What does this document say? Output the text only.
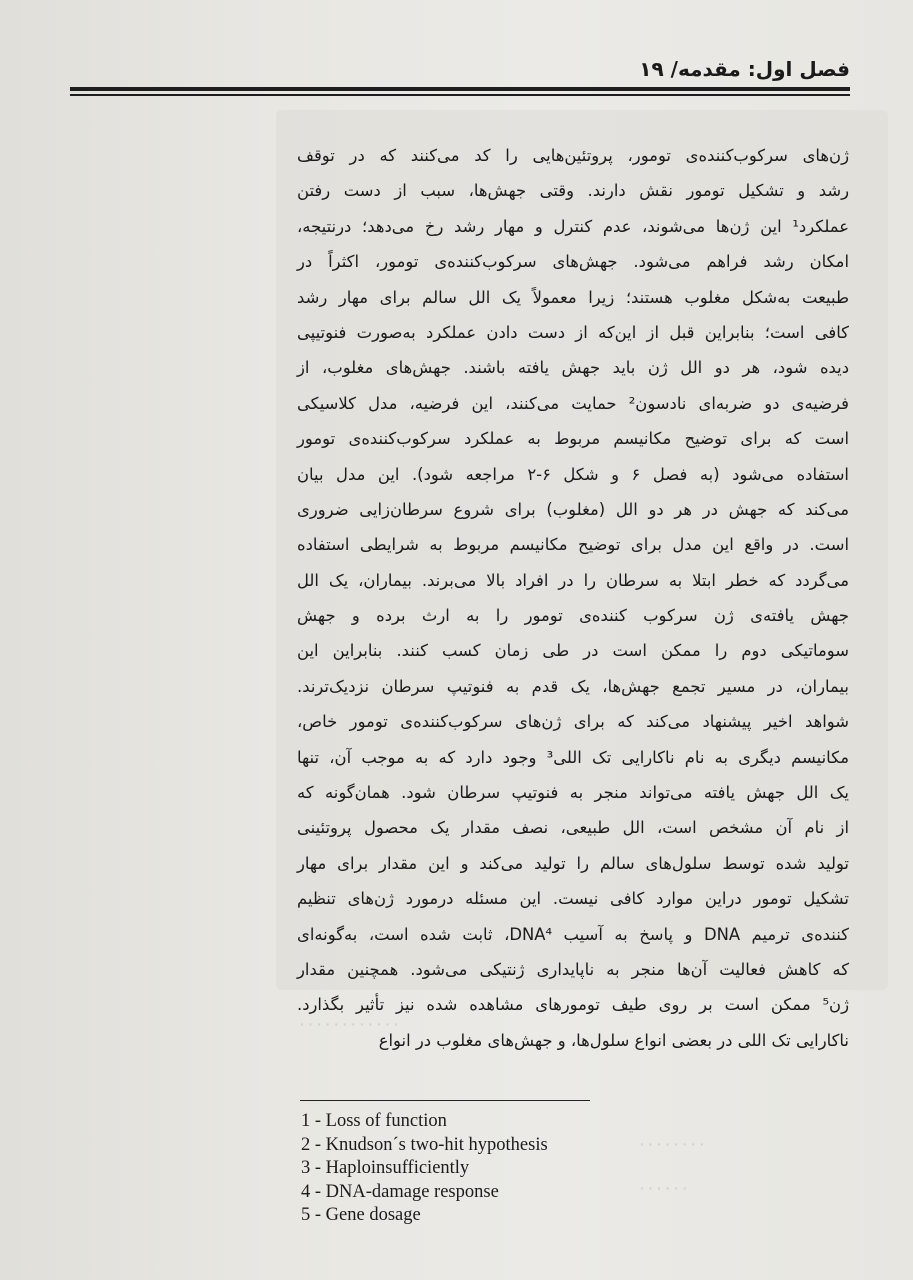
· · · · · · · · · · · ·
· · · · · · · ·
· · · · · ·
فصل اول: مقدمه/ ۱۹
ژن‌های سرکوب‌کننده‌ی تومور، پروتئین‌هایی را کد می‌کنند که در توقف
رشد و تشکیل تومور نقش دارند. وقتی جهش‌ها، سبب از دست رفتن
عملکرد¹ این ژن‌ها می‌شوند، عدم کنترل و مهار رشد رخ می‌دهد؛ درنتیجه،
امکان رشد فراهم می‌شود. جهش‌های سرکوب‌کننده‌ی تومور، اکثراً در
طبیعت به‌شکل مغلوب هستند؛ زیرا معمولاً یک الل سالم برای مهار رشد
کافی است؛ بنابراین قبل از این‌که از دست دادن عملکرد به‌صورت فنوتیپی
دیده شود، هر دو الل ژن باید جهش یافته باشند. جهش‌های مغلوب، از
فرضیه‌ی دو ضربه‌ای نادسون² حمایت می‌کنند، این فرضیه، مدل کلاسیکی
است که برای توضیح مکانیسم مربوط به عملکرد سرکوب‌کننده‌ی تومور
استفاده می‌شود (به فصل ۶ و شکل ۶-۲ مراجعه شود). این مدل بیان
می‌کند که جهش در هر دو الل (مغلوب) برای شروع سرطان‌زایی ضروری
است. در واقع این مدل برای توضیح مکانیسم مربوط به شرایطی استفاده
می‌گردد که خطر ابتلا به سرطان را در افراد بالا می‌برند. بیماران، یک الل
جهش یافته‌ی ژن سرکوب کننده‌ی تومور را به ارث برده و جهش
سوماتیکی دوم را ممکن است در طی زمان کسب کنند. بنابراین این
بیماران، در مسیر تجمع جهش‌ها، یک قدم به فنوتیپ سرطان نزدیک‌ترند.
شواهد اخیر پیشنهاد می‌کند که برای ژن‌های سرکوب‌کننده‌ی تومور خاص،
مکانیسم دیگری به نام ناکارایی تک اللی³ وجود دارد که به موجب آن، تنها
یک الل جهش یافته می‌تواند منجر به فنوتیپ سرطان شود. همان‌گونه که
از نام آن مشخص است، الل طبیعی، نصف مقدار یک محصول پروتئینی
تولید شده توسط سلول‌های سالم را تولید می‌کند و این مقدار برای مهار
تشکیل تومور دراین موارد کافی نیست. این مسئله درمورد ژن‌های تنظیم
کننده‌ی ترمیم DNA و پاسخ به آسیب DNA⁴، ثابت شده است، به‌گونه‌ای
که کاهش فعالیت آن‌ها منجر به ناپایداری ژنتیکی می‌شود. همچنین مقدار
ژن⁵ ممکن است بر روی طیف تومورهای مشاهده شده نیز تأثیر بگذارد.
ناکارایی تک اللی در بعضی انواع سلول‌ها، و جهش‌های مغلوب در انواع
1 - Loss of function
2 - Knudson´s two-hit hypothesis
3 - Haploinsufficiently
4 - DNA-damage response
5 - Gene dosage
